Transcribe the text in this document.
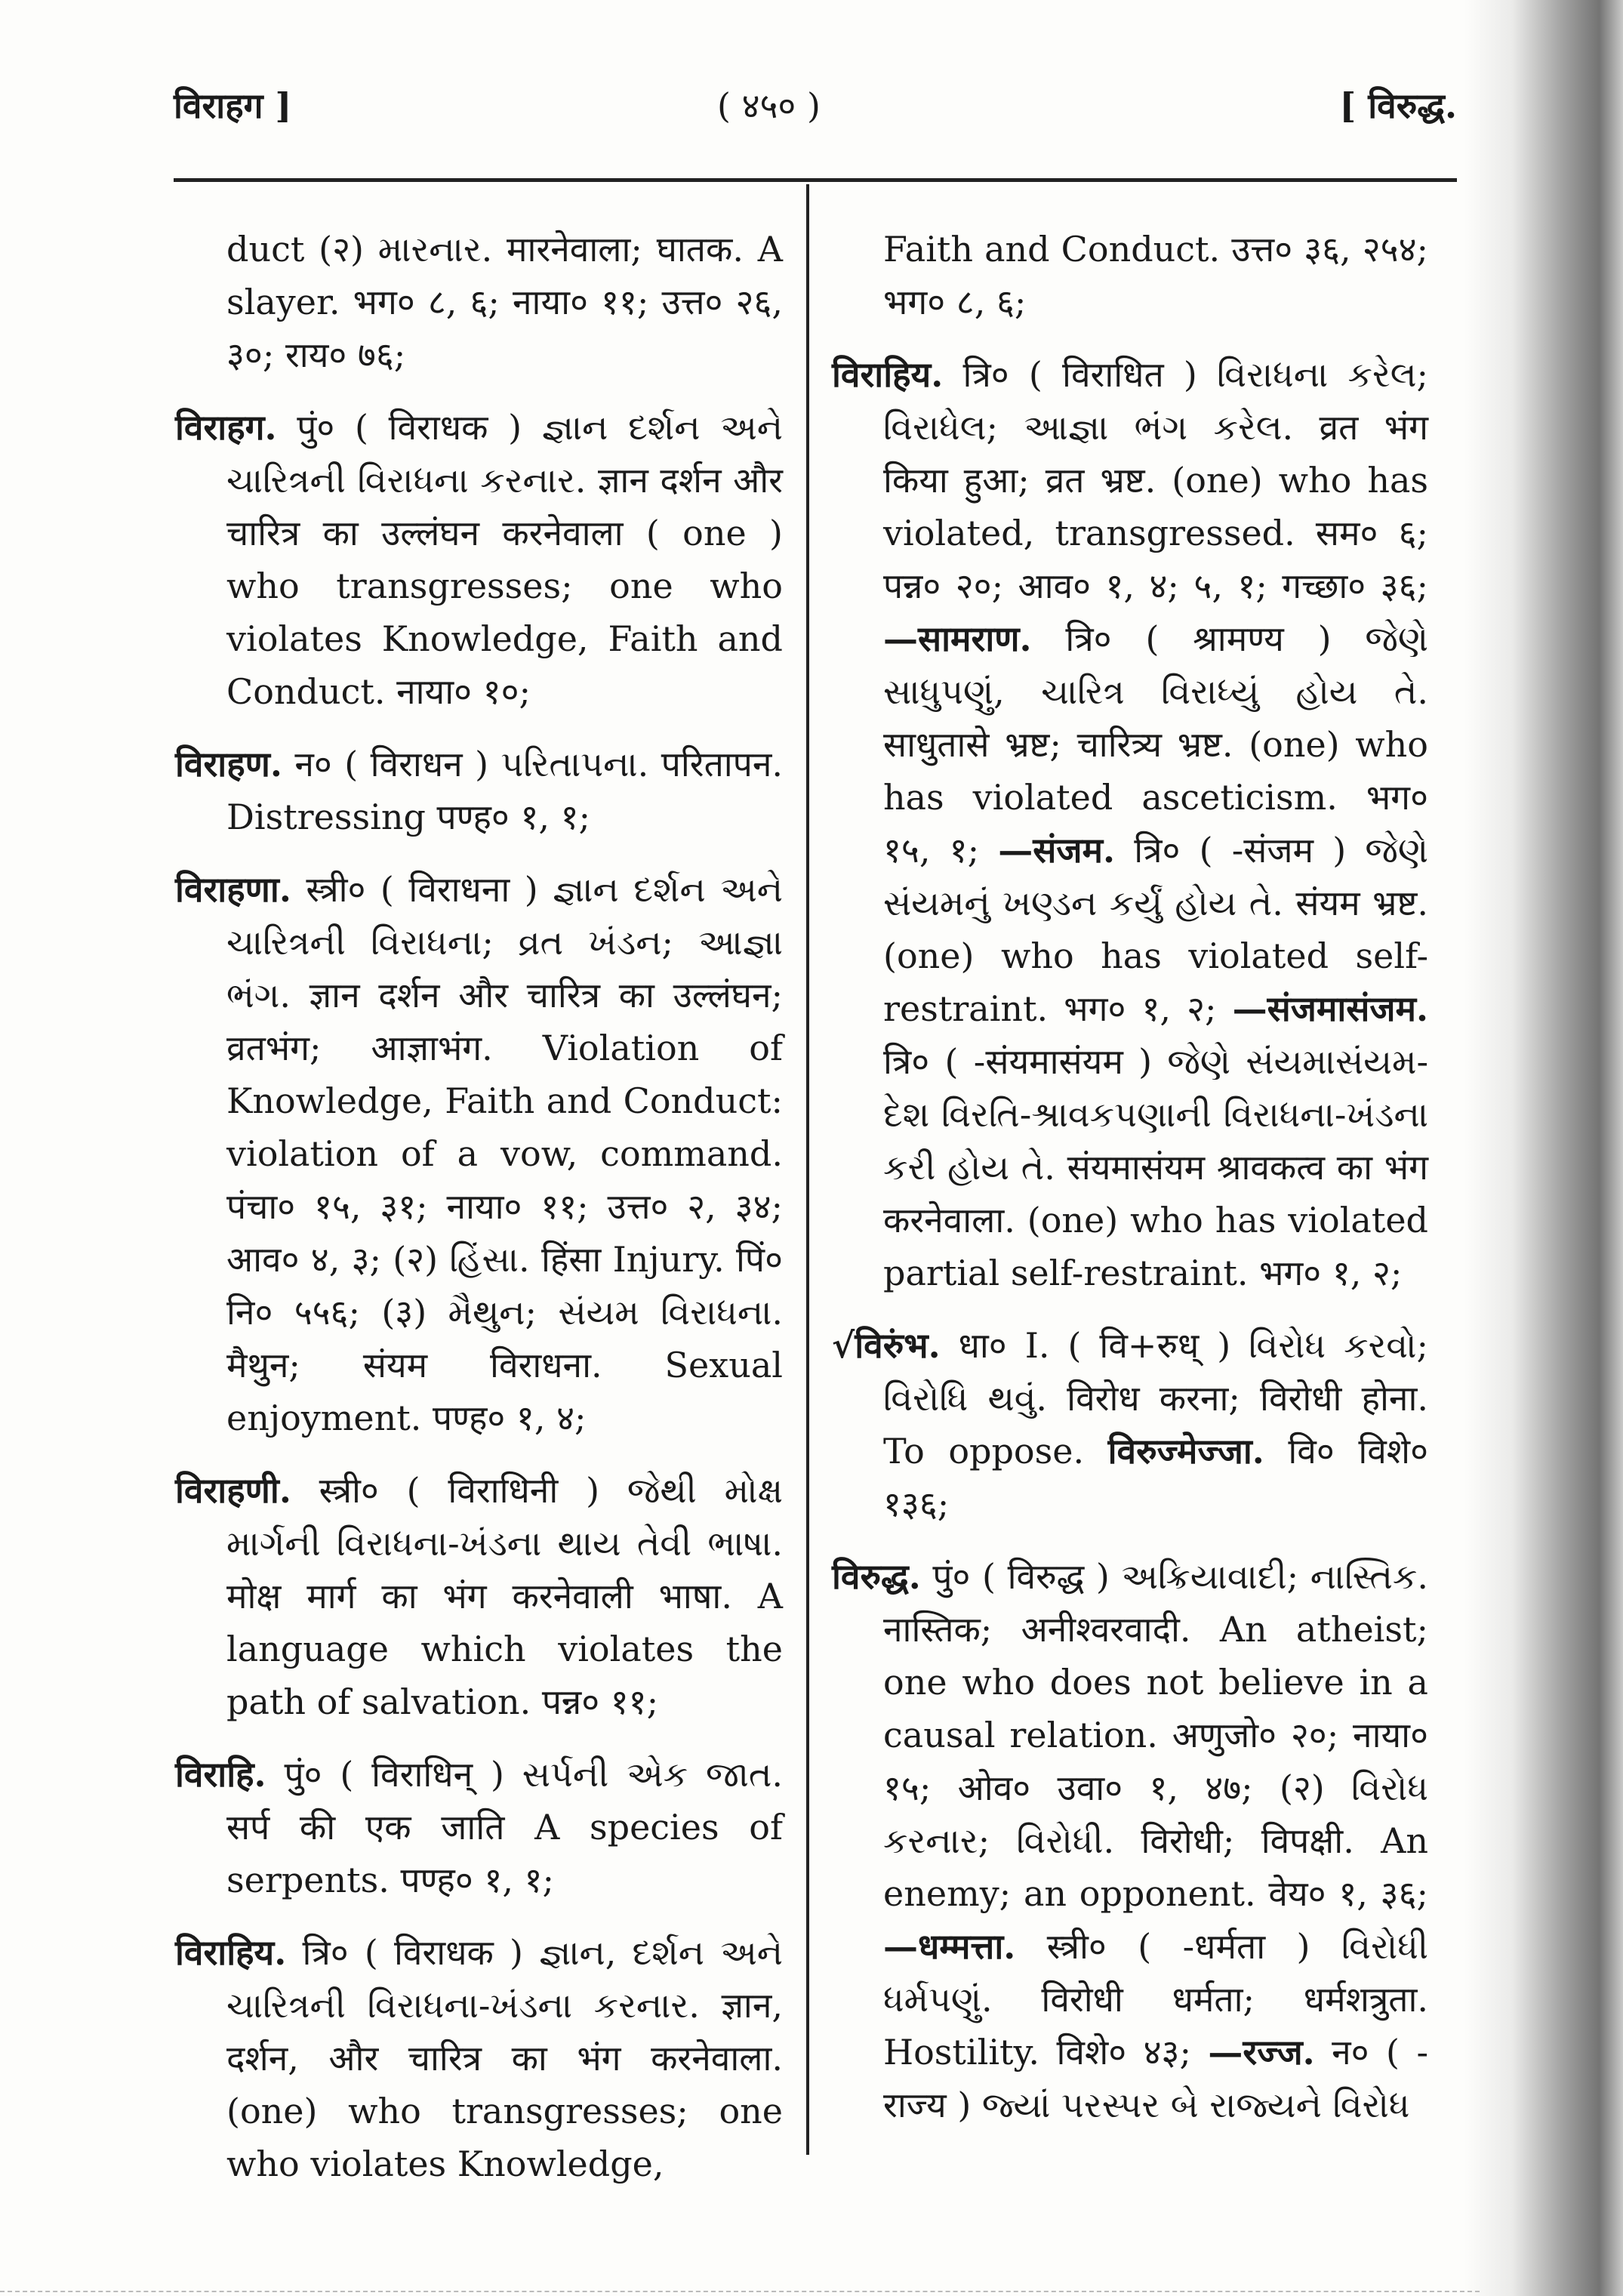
विराहग ]	( ४५० )	[ विरुद्ध.

duct (२) મારનાર. मारनेवाला; घातक. A slayer. भग० ८, ६; नाया० ११; उत्त० २६, ३०; राय० ७६;

विराहग. पुं० ( विराधक ) જ્ઞાન દર્શન અને ચારિત્રની વિરાધના કરનાર. ज्ञान दर्शन और चारित्र का उल्लंघन करनेवाला ( one ) who transgresses; one who violates Knowledge, Faith and Conduct. नाया० १०;

विराहण. न० ( विराधन ) પરિતાપના. परितापन. Distressing पण्ह० १, १;

विराहणा. स्त्री० ( विराधना ) જ્ઞાન દર્શન અને ચારિત્રની વિરાધના; વ્રત ખંડન; આજ્ઞા ભંગ. ज्ञान दर्शन और चारित्र का उल्लंघन; व्रतभंग; आज्ञाभंग. Violation of Knowledge, Faith and Conduct: violation of a vow, command. पंचा० १५, ३१; नाया० ११; उत्त० २, ३४; आव० ४, ३; (२) હિંસા. हिंसा Injury. पिं० नि० ५५६; (३) મૈથુન; સંયમ વિરાધના. मैथुन; संयम विराधना. Sexual enjoyment. पण्ह० १, ४;

विराहणी. स्त्री० ( विराधिनी ) જેથી મોક્ષ માર્ગની વિરાધના-ખંડના થાય તેવી ભાષા. मोक्ष मार्ग का भंग करनेवाली भाषा. A language which violates the path of salvation. पन्न० ११;

विराहि. पुं० ( विराधिन् ) સર્પની એક જાત. सर्प की एक जाति A species of serpents. पण्ह० १, १;

विराहिय. त्रि० ( विराधक ) જ્ઞાન, દર્શન અને ચારિત્રની વિરાધના-ખંડના કરનાર. ज्ञान, दर्शन, और चारित्र का भंग करनेवाला. (one) who transgresses; one who violates Knowledge,

Faith and Conduct. उत्त० ३६, २५४; भग० ८, ६;

विराहिय. त्रि० ( विराधित ) વિરાધના કરેલ; વિરાધેલ; આજ્ઞા ભંગ કરેલ. व्रत भंग किया हुआ; व्रत भ्रष्ट. (one) who has violated, transgressed. सम० ६; पन्न० २०; आव० १, ४; ५, १; गच्छा० ३६; —सामराण. त्रि० ( श्रामण्य ) જેણે સાધુપણું, ચારિત્ર વિરાધ્યું હોય તે. साधुतासे भ्रष्ट; चारित्र्य भ्रष्ट. (one) who has violated asceticism. भग० १५, १; —संजम. त्रि० ( -संजम ) જેણે સંયમનું ખણ્ડન કર્યું હોય તે. संयम भ्रष्ट. (one) who has violated self-restraint. भग० १, २; —संजमासंजम. त्रि० ( -संयमासंयम ) જેણે સંયમાસંયમ-દેશ વિરતિ-શ્રાવકપણાની વિરાધના-ખંડના કરી હોય તે. संयमासंयम श्रावकत्व का भंग करनेवाला. (one) who has violated partial self-restraint. भग० १, २;

√विरुंभ. धा० I. ( वि+रुध् ) વિરોધ કરવો; વિરોધિ થવું. विरोध करना; विरोधी होना. To oppose. विरुज्मेज्जा. वि० विशे० १३६;

विरुद्ध. पुं० ( विरुद्ध ) અક્રિયાવાદી; નાસ્તિક. नास्तिक; अनीश्वरवादी. An atheist; one who does not believe in a causal relation. अणुजो० २०; नाया० १५; ओव० उवा० १, ४७; (२) વિરોધ કરનાર; વિરોધી. विरोधी; विपक्षी. An enemy; an opponent. वेय० १, ३६; —धम्मत्ता. स्त्री० ( -धर्मता ) વિરોધી ધર્મપણું. विरोधी धर्मता; धर्मशत्रुता. Hostility. विशे० ४३; —रज्ज. न० ( -राज्य ) જ્યાં પરસ્પર બે રાજ્યને વિરોધ
